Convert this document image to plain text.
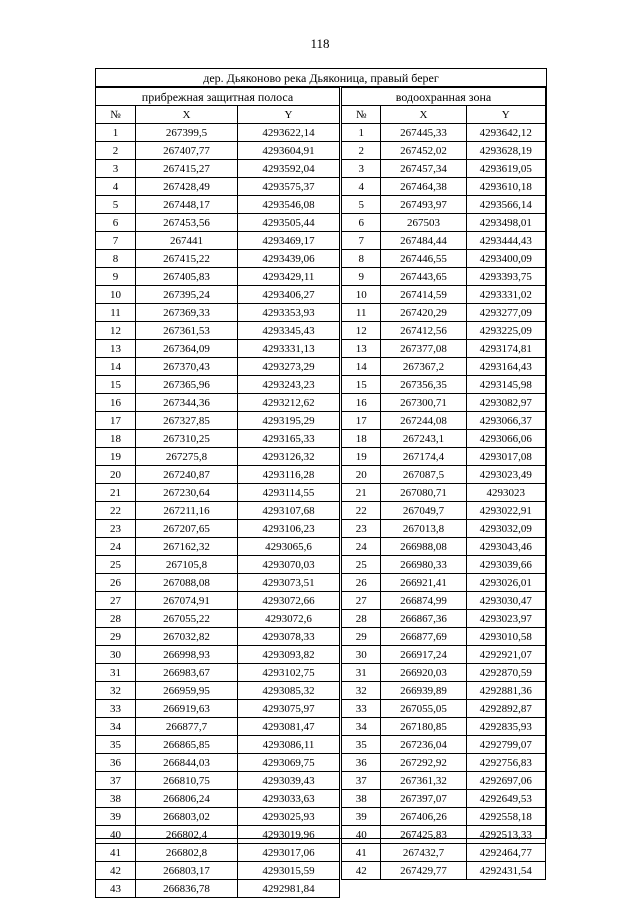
118
дер. Дьяконово река Дьяконица, правый берег
прибрежная защитная полоса		
№	X	Y
1	267399,5	4293622,14
2	267407,77	4293604,91
3	267415,27	4293592,04
4	267428,49	4293575,37
5	267448,17	4293546,08
6	267453,56	4293505,44
7	267441	4293469,17
8	267415,22	4293439,06
9	267405,83	4293429,11
10	267395,24	4293406,27
11	267369,33	4293353,93
12	267361,53	4293345,43
13	267364,09	4293331,13
14	267370,43	4293273,29
15	267365,96	4293243,23
16	267344,36	4293212,62
17	267327,85	4293195,29
18	267310,25	4293165,33
19	267275,8	4293126,32
20	267240,87	4293116,28
21	267230,64	4293114,55
22	267211,16	4293107,68
23	267207,65	4293106,23
24	267162,32	4293065,6
25	267105,8	4293070,03
26	267088,08	4293073,51
27	267074,91	4293072,66
28	267055,22	4293072,6
29	267032,82	4293078,33
30	266998,93	4293093,82
31	266983,67	4293102,75
32	266959,95	4293085,32
33	266919,63	4293075,97
34	266877,7	4293081,47
35	266865,85	4293086,11
36	266844,03	4293069,75
37	266810,75	4293039,43
38	266806,24	4293033,63
39	266803,02	4293025,93
40	266802,4	4293019,96
41	266802,8	4293017,06
42	266803,17	4293015,59
43	266836,78	4292981,84
водоохранная зона		
№	X	Y
1	267445,33	4293642,12
2	267452,02	4293628,19
3	267457,34	4293619,05
4	267464,38	4293610,18
5	267493,97	4293566,14
6	267503	4293498,01
7	267484,44	4293444,43
8	267446,55	4293400,09
9	267443,65	4293393,75
10	267414,59	4293331,02
11	267420,29	4293277,09
12	267412,56	4293225,09
13	267377,08	4293174,81
14	267367,2	4293164,43
15	267356,35	4293145,98
16	267300,71	4293082,97
17	267244,08	4293066,37
18	267243,1	4293066,06
19	267174,4	4293017,08
20	267087,5	4293023,49
21	267080,71	4293023
22	267049,7	4293022,91
23	267013,8	4293032,09
24	266988,08	4293043,46
25	266980,33	4293039,66
26	266921,41	4293026,01
27	266874,99	4293030,47
28	266867,36	4293023,97
29	266877,69	4293010,58
30	266917,24	4292921,07
31	266920,03	4292870,59
32	266939,89	4292881,36
33	267055,05	4292892,87
34	267180,85	4292835,93
35	267236,04	4292799,07
36	267292,92	4292756,83
37	267361,32	4292697,06
38	267397,07	4292649,53
39	267406,26	4292558,18
40	267425,83	4292513,33
41	267432,7	4292464,77
42	267429,77	4292431,54
